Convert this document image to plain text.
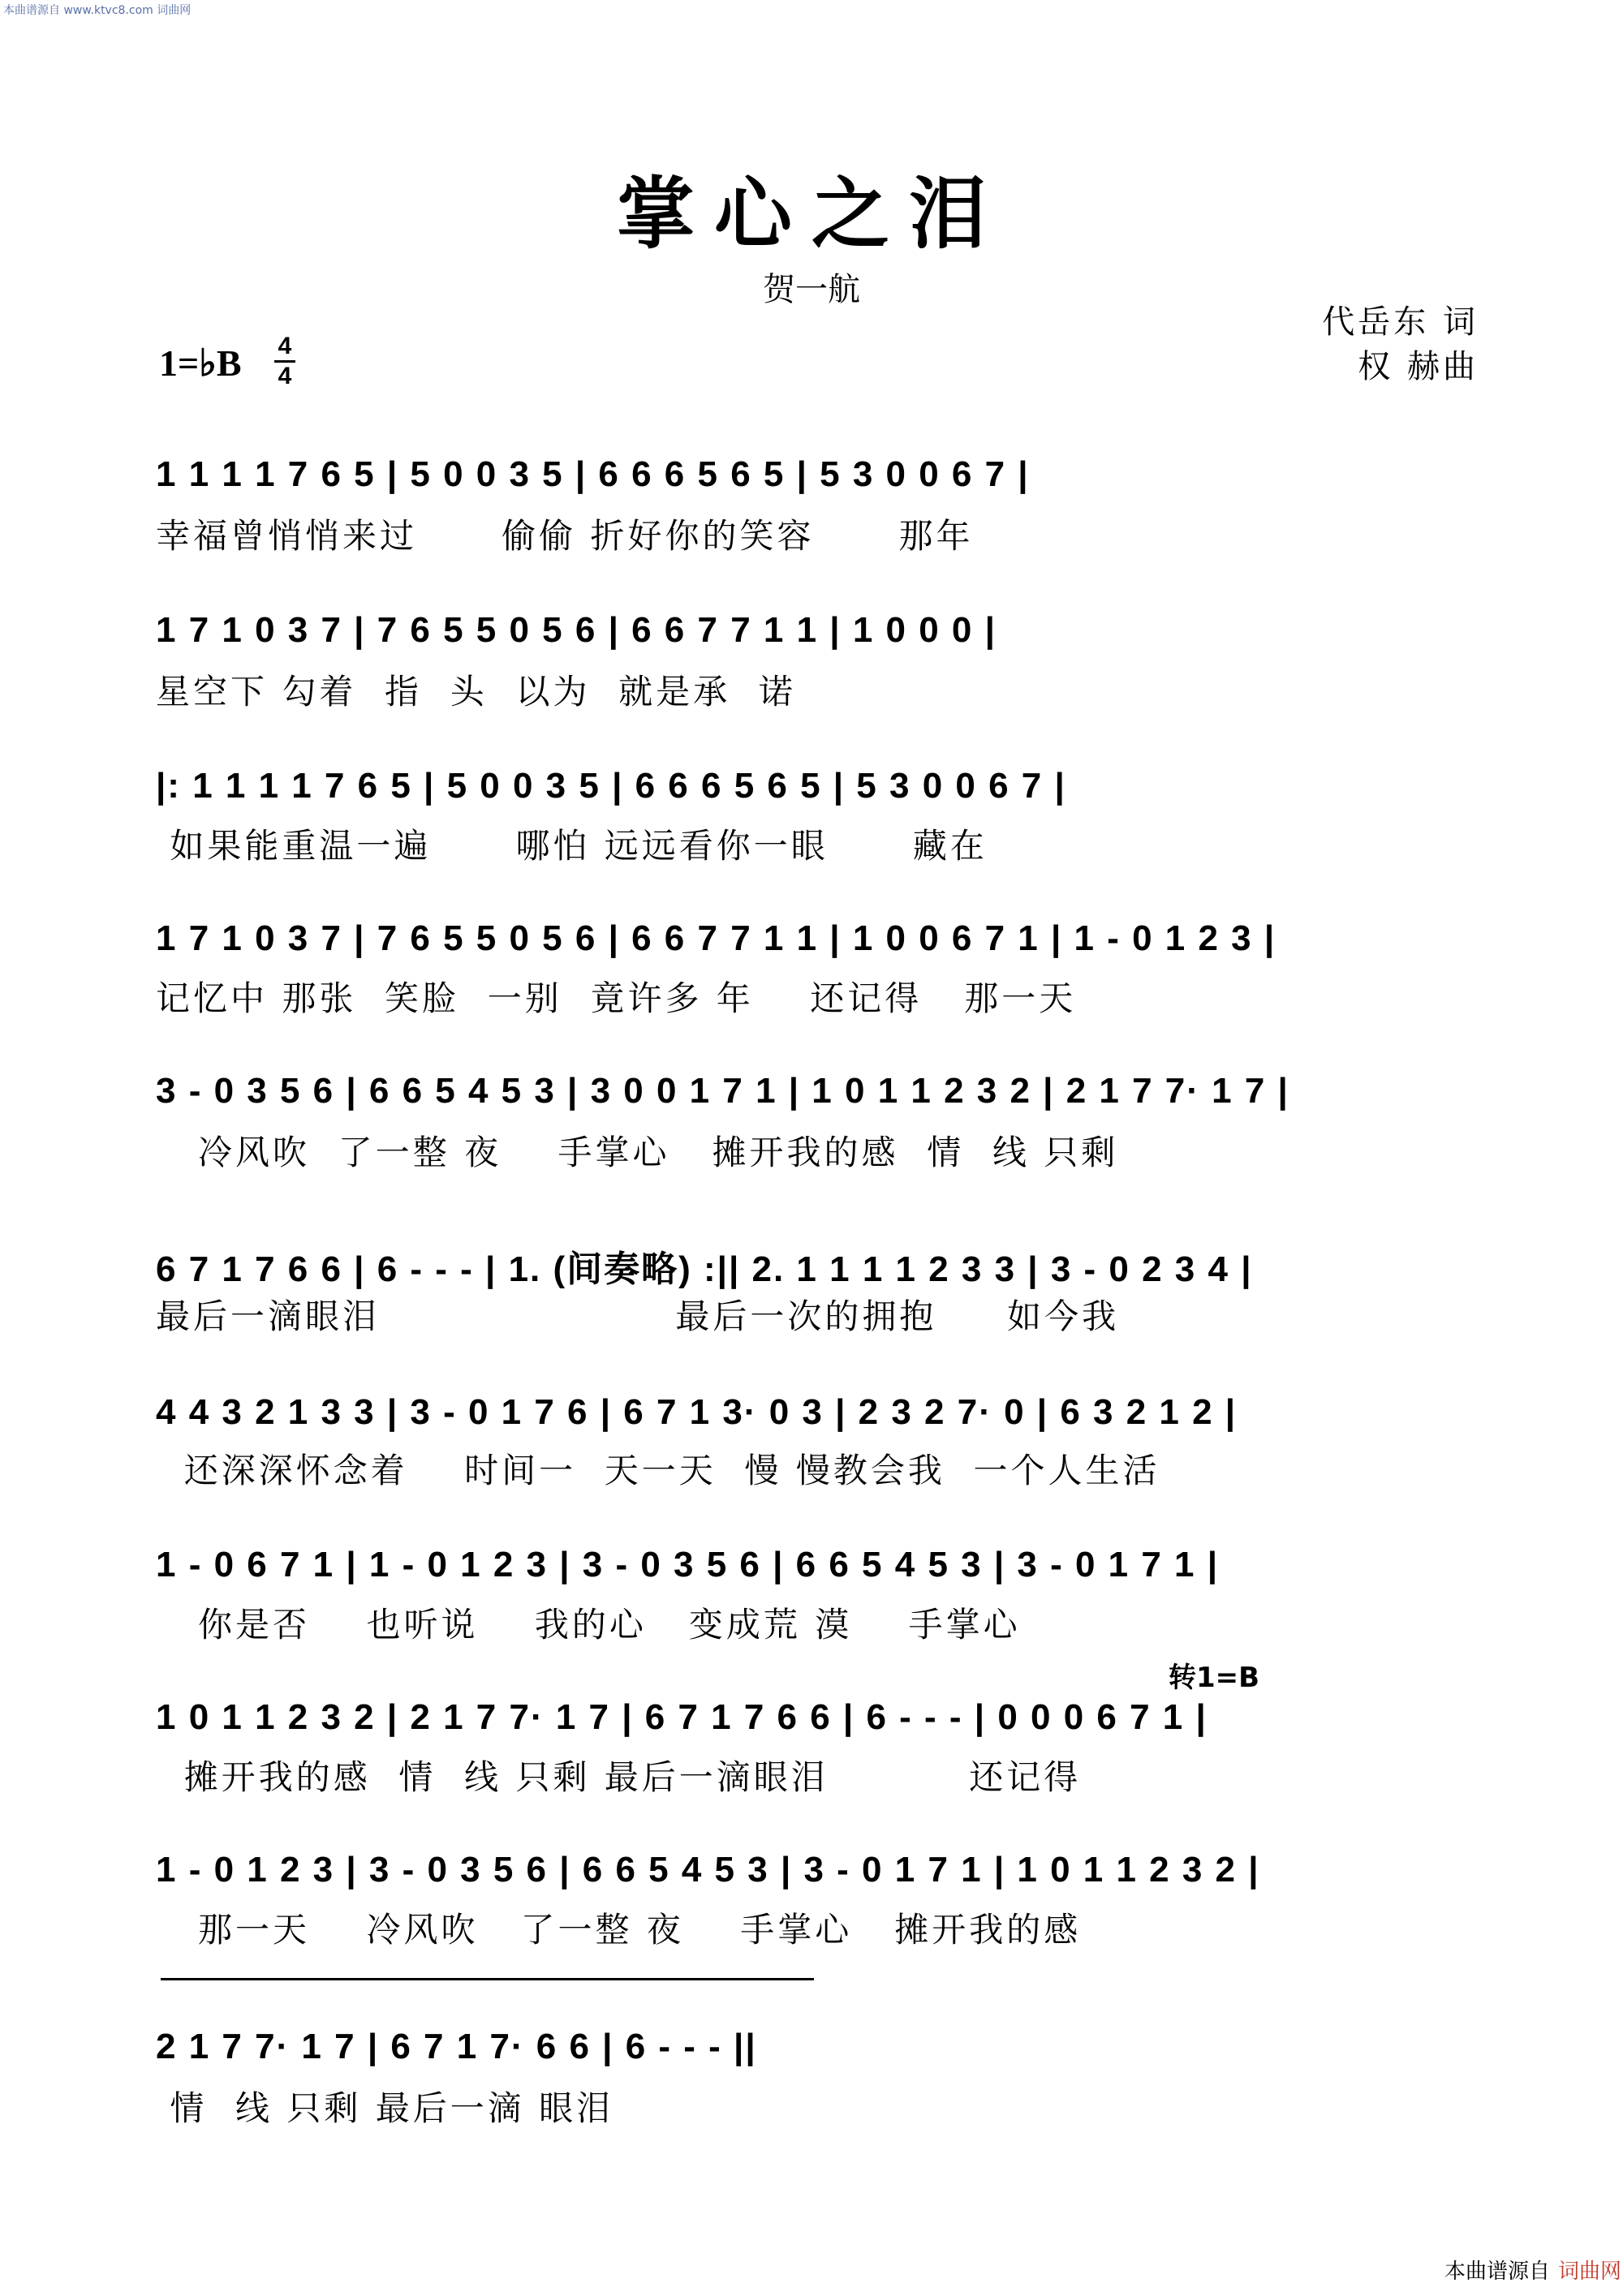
本曲谱源自 www.ktvc8.com 词曲网
掌心之泪
贺一航
代岳东 词
权 赫曲
1=♭B 4
4
1 1 1 1 7 6 5 | 5 0 0 3 5 | 6 6 6 5 6 5 | 5 3 0 0 6 7 |
幸福曾悄悄来过      偷偷 折好你的笑容      那年
1 7 1 0 3 7 | 7 6 5 5 0 5 6 | 6 6 7 7 1 1 | 1 0 0 0 |
星空下 勾着  指  头  以为  就是承  诺
|: 1 1 1 1 7 6 5 | 5 0 0 3 5 | 6 6 6 5 6 5 | 5 3 0 0 6 7 |
如果能重温一遍      哪怕 远远看你一眼      藏在
1 7 1 0 3 7 | 7 6 5 5 0 5 6 | 6 6 7 7 1 1 | 1 0 0 6 7 1 | 1 - 0 1 2 3 |
记忆中 那张  笑脸  一别  竟许多 年    还记得   那一天
3 - 0 3 5 6 | 6 6 5 4 5 3 | 3 0 0 1 7 1 | 1 0 1 1 2 3 2 | 2 1 7 7· 1 7 |
冷风吹  了一整 夜    手掌心   摊开我的感  情  线 只剩
6 7 1 7 6 6 | 6 - - - | 1. (间奏略) :|| 2. 1 1 1 1 2 3 3 | 3 - 0 2 3 4 |
最后一滴眼泪                     最后一次的拥抱     如今我
4 4 3 2 1 3 3 | 3 - 0 1 7 6 | 6 7 1 3· 0 3 | 2 3 2 7· 0 | 6 3 2 1 2 |
还深深怀念着    时间一  天一天  慢 慢教会我  一个人生活
1 - 0 6 7 1 | 1 - 0 1 2 3 | 3 - 0 3 5 6 | 6 6 5 4 5 3 | 3 - 0 1 7 1 |
你是否    也听说    我的心   变成荒 漠    手掌心
转1=B
1 0 1 1 2 3 2 | 2 1 7 7· 1 7 | 6 7 1 7 6 6 | 6 - - - | 0 0 0 6 7 1 |
摊开我的感  情  线 只剩 最后一滴眼泪          还记得
1 - 0 1 2 3 | 3 - 0 3 5 6 | 6 6 5 4 5 3 | 3 - 0 1 7 1 | 1 0 1 1 2 3 2 |
那一天    冷风吹   了一整 夜    手掌心   摊开我的感
2 1 7 7· 1 7 | 6 7 1 7· 6 6 | 6 - - - ||
情  线 只剩 最后一滴 眼泪
本曲谱源自 词曲网
